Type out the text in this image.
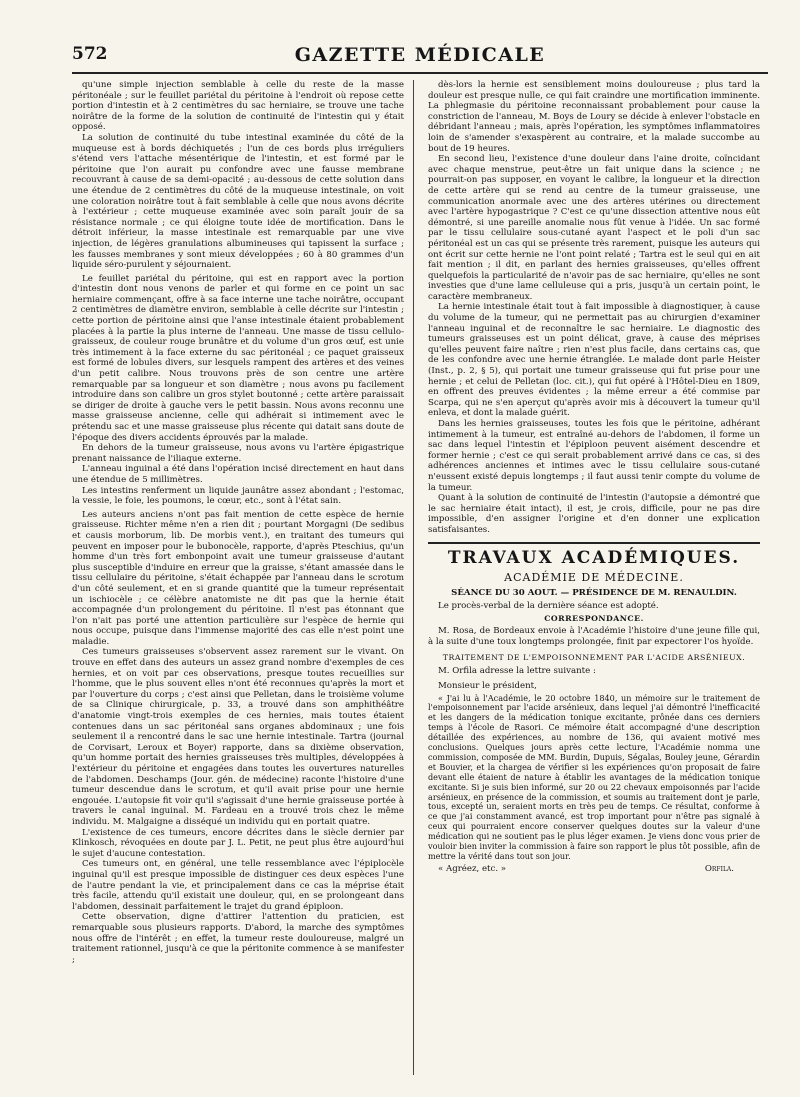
572	GAZETTE MÉDICALE

qu'une simple injection semblable à celle du reste de la masse péritonéale ; sur le feuillet pariétal du péritoine à l'endroit où repose cette portion d'intestin et à 2 centimètres du sac herniaire, se trouve une tache noirâtre de la forme de la solution de continuité de l'intestin qui y était opposé.

La solution de continuité du tube intestinal examinée du côté de la muqueuse est à bords déchiquetés ; l'un de ces bords plus irréguliers s'étend vers l'attache mésentérique de l'intestin, et est formé par le péritoine que l'on aurait pu confondre avec une fausse membrane recouvrant à cause de sa demi-opacité ; au-dessous de cette solution dans une étendue de 2 centimètres du côté de la muqueuse intestinale, on voit une coloration noirâtre tout à fait semblable à celle que nous avons décrite à l'extérieur ; cette muqueuse examinée avec soin paraît jouir de sa résistance normale ; ce qui éloigne toute idée de mortification. Dans le détroit inférieur, la masse intestinale est remarquable par une vive injection, de légères granulations albumineuses qui tapissent la surface ; les fausses membranes y sont mieux développées ; 60 à 80 grammes d'un liquide séro-purulent y séjournaient.

Le feuillet pariétal du péritoine, qui est en rapport avec la portion d'intestin dont nous venons de parler et qui forme en ce point un sac herniaire commençant, offre à sa face interne une tache noirâtre, occupant 2 centimètres de diamètre environ, semblable à celle décrite sur l'intestin ; cette portion de péritoine ainsi que l'anse intestinale étaient probablement placées à la partie la plus interne de l'anneau. Une masse de tissu cellulo-graisseux, de couleur rouge brunâtre et du volume d'un gros œuf, est unie très intimement à la face externe du sac péritonéal ; ce paquet graisseux est formé de lobules divers, sur lesquels rampent des artères et des veines d'un petit calibre. Nous trouvons près de son centre une artère remarquable par sa longueur et son diamètre ; nous avons pu facilement introduire dans son calibre un gros stylet boutonné ; cette artère paraissait se diriger de droite à gauche vers le petit bassin. Nous avons reconnu une masse graisseuse ancienne, celle qui adhérait si intimement avec le prétendu sac et une masse graisseuse plus récente qui datait sans doute de l'époque des divers accidents éprouvés par la malade.

En dehors de la tumeur graisseuse, nous avons vu l'artère épigastrique prenant naissance de l'iliaque externe.

L'anneau inguinal a été dans l'opération incisé directement en haut dans une étendue de 5 millimètres.

Les intestins renferment un liquide jaunâtre assez abondant ; l'estomac, la vessie, le foie, les poumons, le cœur, etc., sont à l'état sain.

Les auteurs anciens n'ont pas fait mention de cette espèce de hernie graisseuse. Richter même n'en a rien dit ; pourtant Morgagni (De sedibus et causis morborum, lib. De morbis vent.), en traitant des tumeurs qui peuvent en imposer pour le bubonocèle, rapporte, d'après Pteschius, qu'un homme d'un très fort embonpoint avait une tumeur graisseuse d'autant plus susceptible d'induire en erreur que la graisse, s'étant amassée dans le tissu cellulaire du péritoine, s'était échappée par l'anneau dans le scrotum d'un côté seulement, et en si grande quantité que la tumeur représentait un ischiocèle ; ce célèbre anatomiste ne dit pas que la hernie était accompagnée d'un prolongement du péritoine. Il n'est pas étonnant que l'on n'ait pas porté une attention particulière sur l'espèce de hernie qui nous occupe, puisque dans l'immense majorité des cas elle n'est point une maladie.

Ces tumeurs graisseuses s'observent assez rarement sur le vivant. On trouve en effet dans des auteurs un assez grand nombre d'exemples de ces hernies, et on voit par ces observations, presque toutes recueillies sur l'homme, que le plus souvent elles n'ont été reconnues qu'après la mort et par l'ouverture du corps ; c'est ainsi que Pelletan, dans le troisième volume de sa Clinique chirurgicale, p. 33, a trouvé dans son amphithéâtre d'anatomie vingt-trois exemples de ces hernies, mais toutes étaient contenues dans un sac péritonéal sans organes abdominaux ; une fois seulement il a rencontré dans le sac une hernie intestinale. Tartra (journal de Corvisart, Leroux et Boyer) rapporte, dans sa dixième observation, qu'un homme portait des hernies graisseuses très multiples, développées à l'extérieur du péritoine et engagées dans toutes les ouvertures naturelles de l'abdomen. Deschamps (Jour. gén. de médecine) raconte l'histoire d'une tumeur descendue dans le scrotum, et qu'il avait prise pour une hernie engouée. L'autopsie fit voir qu'il s'agissait d'une hernie graisseuse portée à travers le canal inguinal. M. Fardeau en a trouvé trois chez le même individu. M. Malgaigne a disséqué un individu qui en portait quatre.

L'existence de ces tumeurs, encore décrites dans le siècle dernier par Klinkosch, révoquées en doute par J. L. Petit, ne peut plus être aujourd'hui le sujet d'aucune contestation.

Ces tumeurs ont, en général, une telle ressemblance avec l'épiplocèle inguinal qu'il est presque impossible de distinguer ces deux espèces l'une de l'autre pendant la vie, et principalement dans ce cas la méprise était très facile, attendu qu'il existait une douleur, qui, en se prolongeant dans l'abdomen, dessinait parfaitement le trajet du grand épiploon.

Cette observation, digne d'attirer l'attention du praticien, est remarquable sous plusieurs rapports. D'abord, la marche des symptômes nous offre de l'intérêt ; en effet, la tumeur reste douloureuse, malgré un traitement rationnel, jusqu'à ce que la péritonite commence à se manifester ;

dès-lors la hernie est sensiblement moins douloureuse ; plus tard la douleur est presque nulle, ce qui fait craindre une mortification imminente. La phlegmasie du péritoine reconnaissant probablement pour cause la constriction de l'anneau, M. Boys de Loury se décide à enlever l'obstacle en débridant l'anneau ; mais, après l'opération, les symptômes inflammatoires loin de s'amender s'exaspèrent au contraire, et la malade succombe au bout de 19 heures.

En second lieu, l'existence d'une douleur dans l'aine droite, coïncidant avec chaque menstrue, peut-être un fait unique dans la science ; ne pourrait-on pas supposer, en voyant le calibre, la longueur et la direction de cette artère qui se rend au centre de la tumeur graisseuse, une communication anormale avec une des artères utérines ou directement avec l'artère hypogastrique ? C'est ce qu'une dissection attentive nous eût démontré, si une pareille anomalie nous fût venue à l'idée. Un sac formé par le tissu cellulaire sous-cutané ayant l'aspect et le poli d'un sac péritonéal est un cas qui se présente très rarement, puisque les auteurs qui ont écrit sur cette hernie ne l'ont point relaté ; Tartra est le seul qui en ait fait mention ; il dit, en parlant des hernies graisseuses, qu'elles offrent quelquefois la particularité de n'avoir pas de sac herniaire, qu'elles ne sont investies que d'une lame celluleuse qui a pris, jusqu'à un certain point, le caractère membraneux.

La hernie intestinale était tout à fait impossible à diagnostiquer, à cause du volume de la tumeur, qui ne permettait pas au chirurgien d'examiner l'anneau inguinal et de reconnaître le sac herniaire. Le diagnostic des tumeurs graisseuses est un point délicat, grave, à cause des méprises qu'elles peuvent faire naître ; rien n'est plus facile, dans certains cas, que de les confondre avec une hernie étranglée. Le malade dont parle Heister (Inst., p. 2, § 5), qui portait une tumeur graisseuse qui fut prise pour une hernie ; et celui de Pelletan (loc. cit.), qui fut opéré à l'Hôtel-Dieu en 1809, en offrent des preuves évidentes ; la même erreur a été commise par Scarpa, qui ne s'en aperçut qu'après avoir mis à découvert la tumeur qu'il enleva, et dont la malade guérit.

Dans les hernies graisseuses, toutes les fois que le péritoine, adhérant intimement à la tumeur, est entraîné au-dehors de l'abdomen, il forme un sac dans lequel l'intestin et l'épiploon peuvent aisément descendre et former hernie ; c'est ce qui serait probablement arrivé dans ce cas, si des adhérences anciennes et intimes avec le tissu cellulaire sous-cutané n'eussent existé depuis longtemps ; il faut aussi tenir compte du volume de la tumeur.

Quant à la solution de continuité de l'intestin (l'autopsie a démontré que le sac herniaire était intact), il est, je crois, difficile, pour ne pas dire impossible, d'en assigner l'origine et d'en donner une explication satisfaisantes.

TRAVAUX ACADÉMIQUES.
ACADÉMIE DE MÉDECINE.
SÉANCE DU 30 AOUT. — PRÉSIDENCE DE M. RENAULDIN.

Le procès-verbal de la dernière séance est adopté.

CORRESPONDANCE.

M. Rosa, de Bordeaux envoie à l'Académie l'histoire d'une jeune fille qui, à la suite d'une toux longtemps prolongée, finit par expectorer l'os hyoïde.

TRAITEMENT DE L'EMPOISONNEMENT PAR L'ACIDE ARSÉNIEUX.

M. Orfila adresse la lettre suivante :

Monsieur le président,

« J'ai lu à l'Académie, le 20 octobre 1840, un mémoire sur le traitement de l'empoisonnement par l'acide arsénieux, dans lequel j'ai démontré l'inefficacité et les dangers de la médication tonique excitante, prônée dans ces derniers temps à l'école de Rasori. Ce mémoire était accompagné d'une description détaillée des expériences, au nombre de 136, qui avaient motivé mes conclusions. Quelques jours après cette lecture, l'Académie nomma une commission, composée de MM. Burdin, Dupuis, Ségalas, Bouley jeune, Gérardin et Bouvier, et la chargea de vérifier si les expériences qu'on proposait de faire devant elle étaient de nature à établir les avantages de la médication tonique excitante. Si je suis bien informé, sur 20 ou 22 chevaux empoisonnés par l'acide arsénieux, en présence de la commission, et soumis au traitement dont je parle, tous, excepté un, seraient morts en très peu de temps. Ce résultat, conforme à ce que j'ai constamment avancé, est trop important pour n'être pas signalé à ceux qui pourraient encore conserver quelques doutes sur la valeur d'une médication qui ne soutient pas le plus léger examen. Je viens donc vous prier de vouloir bien inviter la commission à faire son rapport le plus tôt possible, afin de mettre la vérité dans tout son jour.

« Agréez, etc. »	Orfila.
